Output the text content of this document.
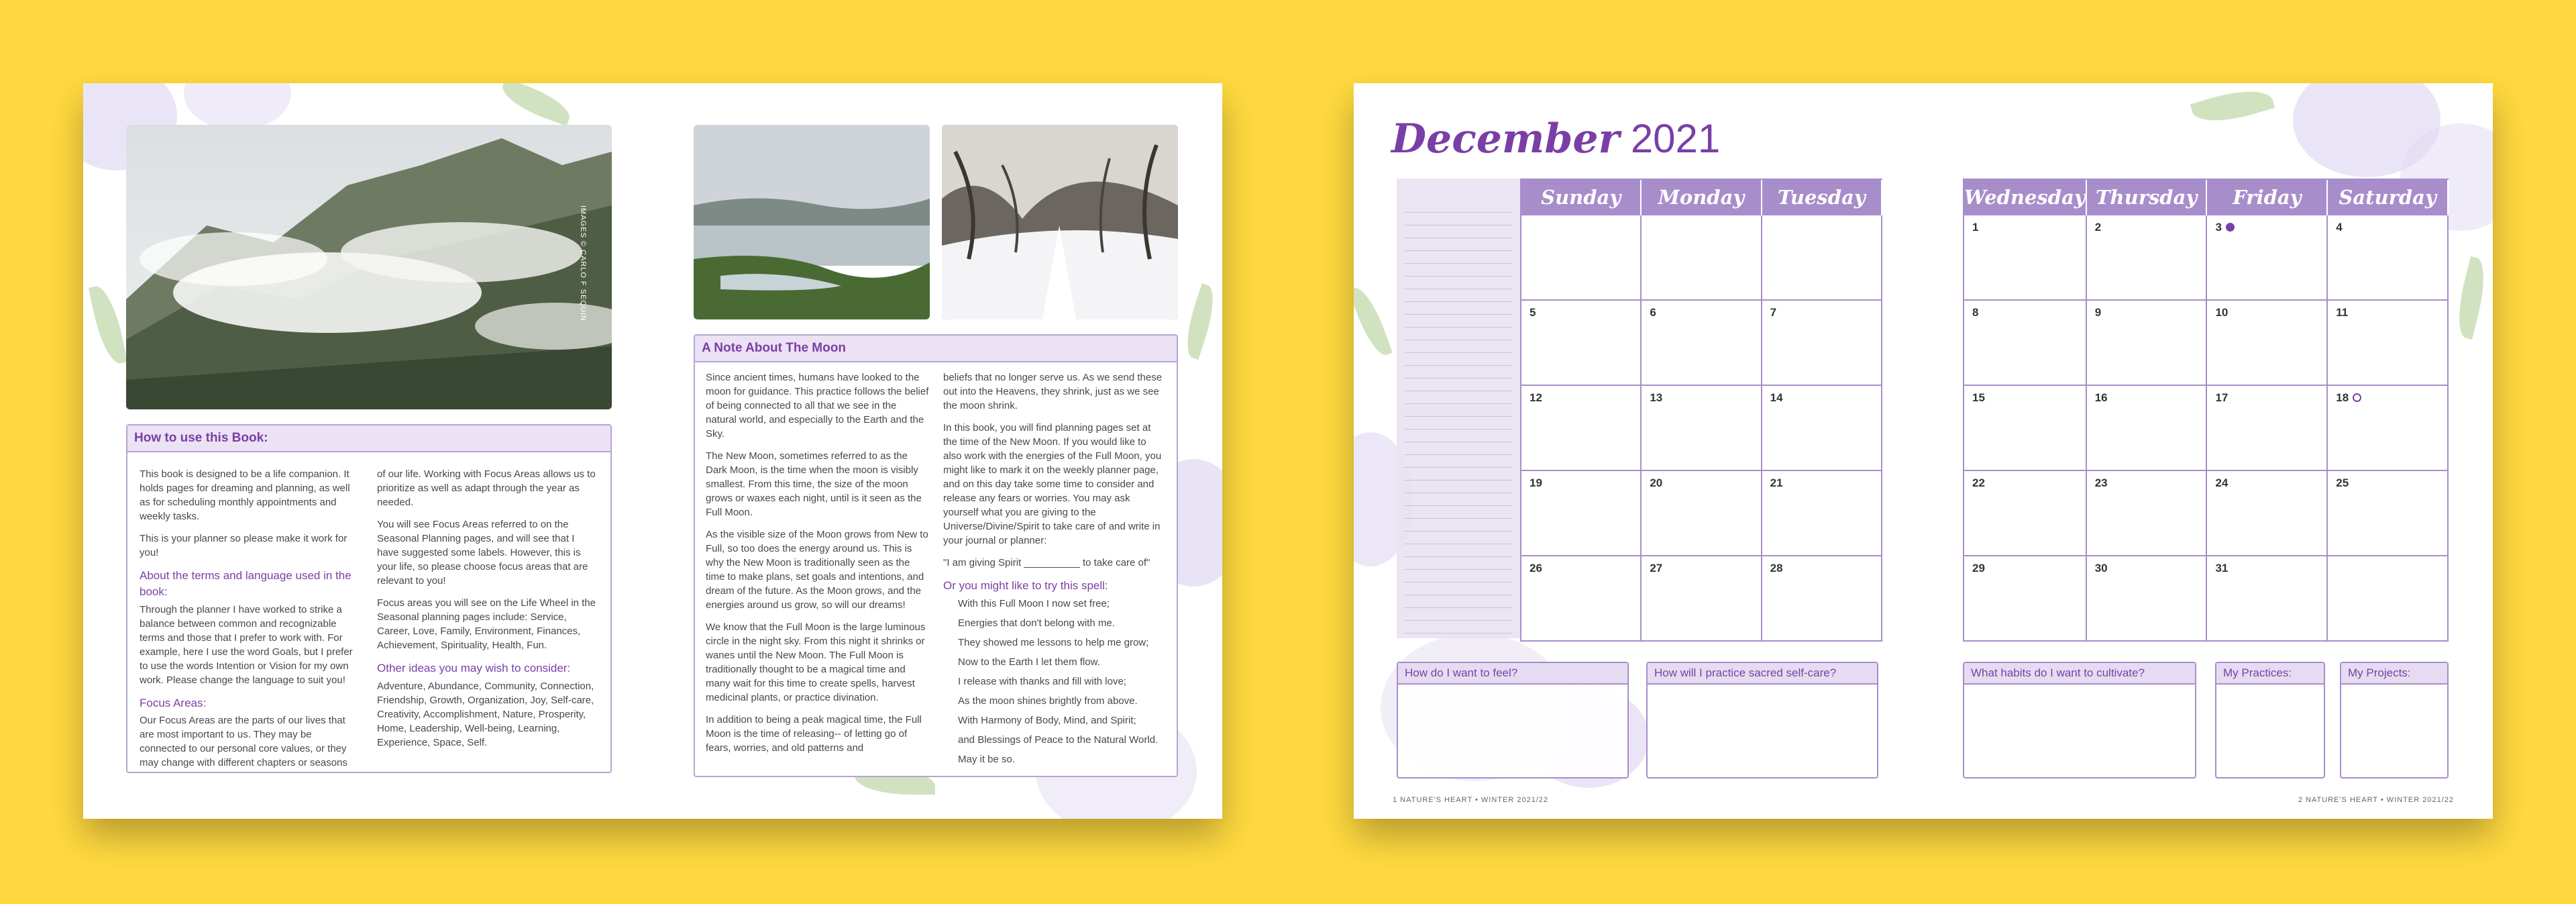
IMAGES © CARLO F SEQUIN
How to use this Book:

This book is designed to be a life companion. It holds pages for dreaming and planning, as well as for scheduling monthly appointments and weekly tasks.

This is your planner so please make it work for you!

About the terms and language used in the book:

Through the planner I have worked to strike a balance between common and recognizable terms and those that I prefer to work with. For example, here I use the word Goals, but I prefer to use the words Intention or Vision for my own work. Please change the language to suit you!

Focus Areas:

Our Focus Areas are the parts of our lives that are most important to us. They may be connected to our personal core values, or they may change with different chapters or seasons

of our life. Working with Focus Areas allows us to prioritize as well as adapt through the year as needed.

You will see Focus Areas referred to on the Seasonal Planning pages, and will see that I have suggested some labels. However, this is your life, so please choose focus areas that are relevant to you!

Focus areas you will see on the Life Wheel in the Seasonal planning pages include: Service, Career, Love, Family, Environment, Finances, Achievement, Spirituality, Health, Fun.

Other ideas you may wish to consider:

Adventure, Abundance, Community, Connection, Friendship, Growth, Organization, Joy, Self-care, Creativity, Accomplishment, Nature, Prosperity, Home, Leadership, Well-being, Learning, Experience, Space, Self.

A Note About The Moon

Since ancient times, humans have looked to the moon for guidance. This practice follows the belief of being connected to all that we see in the natural world, and especially to the Earth and the Sky.

The New Moon, sometimes referred to as the Dark Moon, is the time when the moon is visibly smallest. From this time, the size of the moon grows or waxes each night, until is it seen as the Full Moon.

As the visible size of the Moon grows from New to Full, so too does the energy around us. This is why the New Moon is traditionally seen as the time to make plans, set goals and intentions, and dream of the future. As the Moon grows, and the energies around us grow, so will our dreams!

We know that the Full Moon is the large luminous circle in the night sky. From this night it shrinks or wanes until the New Moon. The Full Moon is traditionally thought to be a magical time and many wait for this time to create spells, harvest medicinal plants, or practice divination.

In addition to being a peak magical time, the Full Moon is the time of releasing-- of letting go of fears, worries, and old patterns and

beliefs that no longer serve us. As we send these out into the Heavens, they shrink, just as we see the moon shrink.

In this book, you will find planning pages set at the time of the New Moon. If you would like to also work with the energies of the Full Moon, you might like to mark it on the weekly planner page, and on this day take some time to consider and release any fears or worries. You may ask yourself what you are giving to the Universe/Divine/Spirit to take care of and write in your journal or planner:

"I am giving Spirit __________ to take care of"

Or you might like to try this spell:
With this Full Moon I now set free;
Energies that don't belong with me.
They showed me lessons to help me grow;
Now to the Earth I let them flow.
I release with thanks and fill with love;
As the moon shines brightly from above.
With Harmony of Body, Mind, and Spirit;
and Blessings of Peace to the Natural World.
May it be so.
December 2021
Sunday	Monday	Tuesday
5	6	7
12	13	14
19	20	21
26	27	28
Wednesday Thursday	Friday	Saturday
1	2	3	4
8	9	10	11
15	16	17	18
22	23	24	25
29	30	31
How do I want to feel?	How will I practice sacred self-care?	What habits do I want to cultivate?	My Practices:	My Projects:
1 NATURE'S HEART • WINTER 2021/22	2 NATURE'S HEART • WINTER 2021/22
